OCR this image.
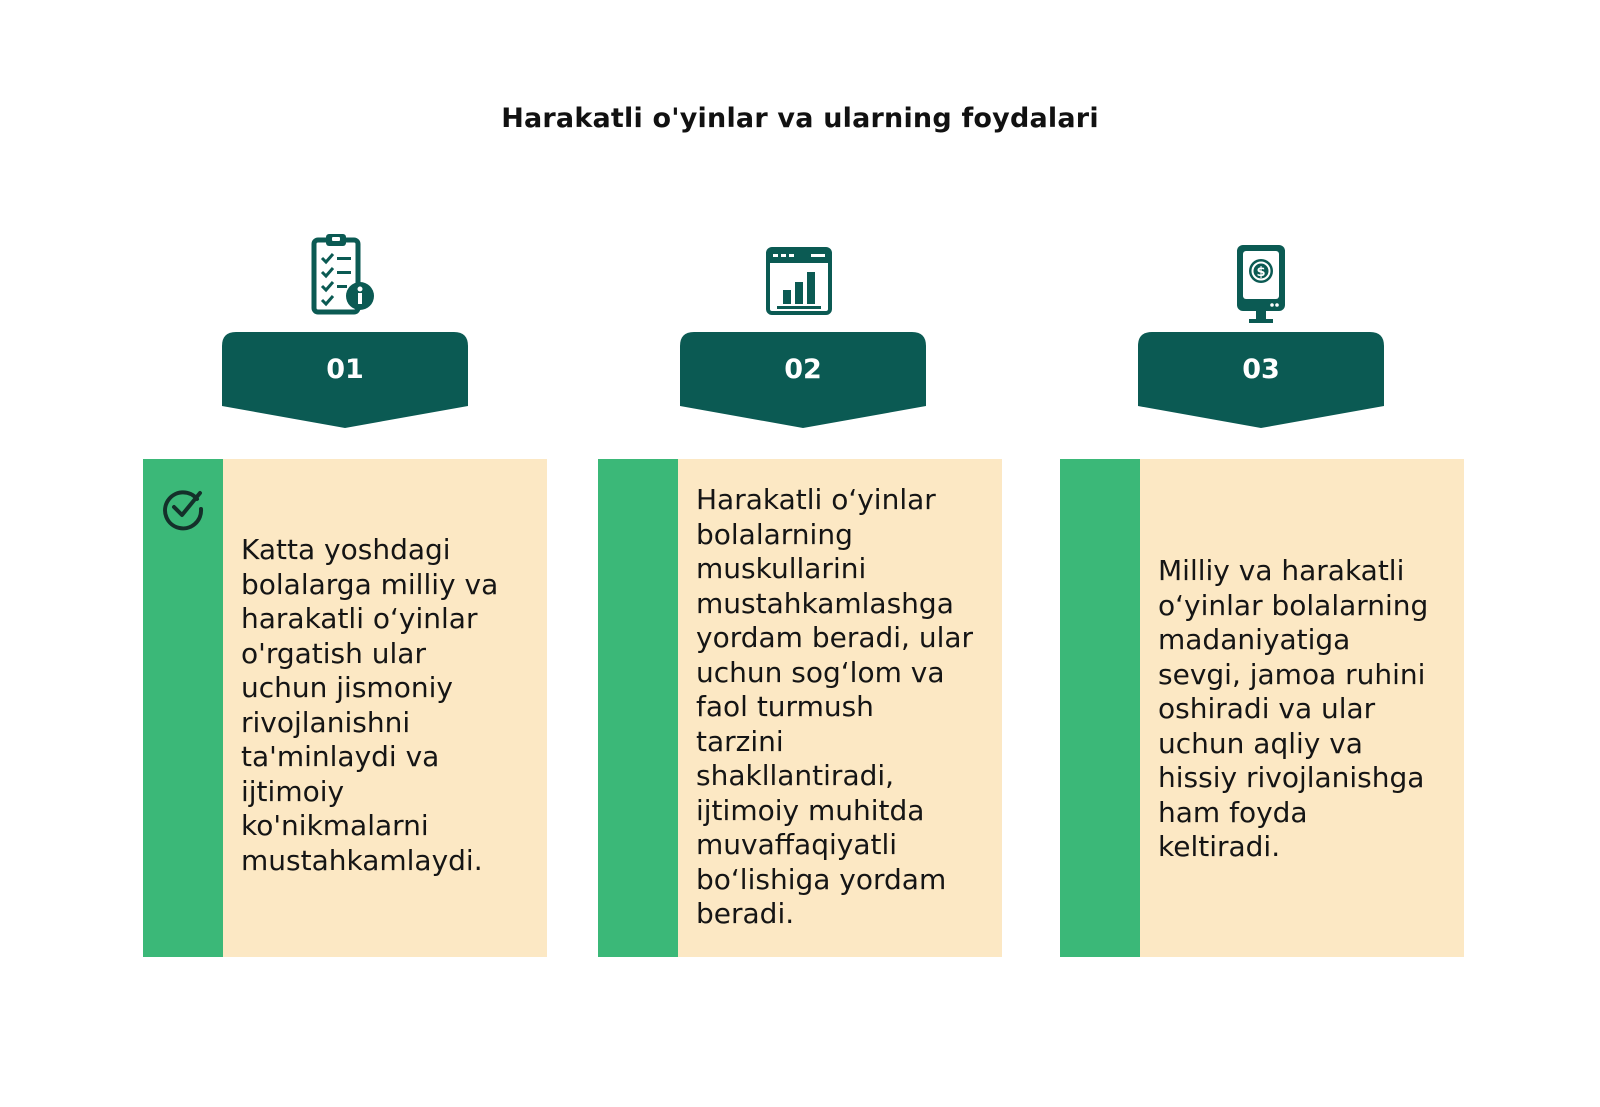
Harakatli o'yinlar va ularning foydalari
01
Katta yoshdagi
bolalarga milliy va
harakatli o‘yinlar
o'rgatish ular
uchun jismoniy
rivojlanishni
ta'minlaydi va
ijtimoiy
ko'nikmalarni
mustahkamlaydi.
02
Harakatli o‘yinlar
bolalarning
muskullarini
mustahkamlashga
yordam beradi, ular
uchun sog‘lom va
faol turmush
tarzini
shakllantiradi,
ijtimoiy muhitda
muvaffaqiyatli
bo‘lishiga yordam
beradi.
$
03
Milliy va harakatli
o‘yinlar bolalarning
madaniyatiga
sevgi, jamoa ruhini
oshiradi va ular
uchun aqliy va
hissiy rivojlanishga
ham foyda
keltiradi.
